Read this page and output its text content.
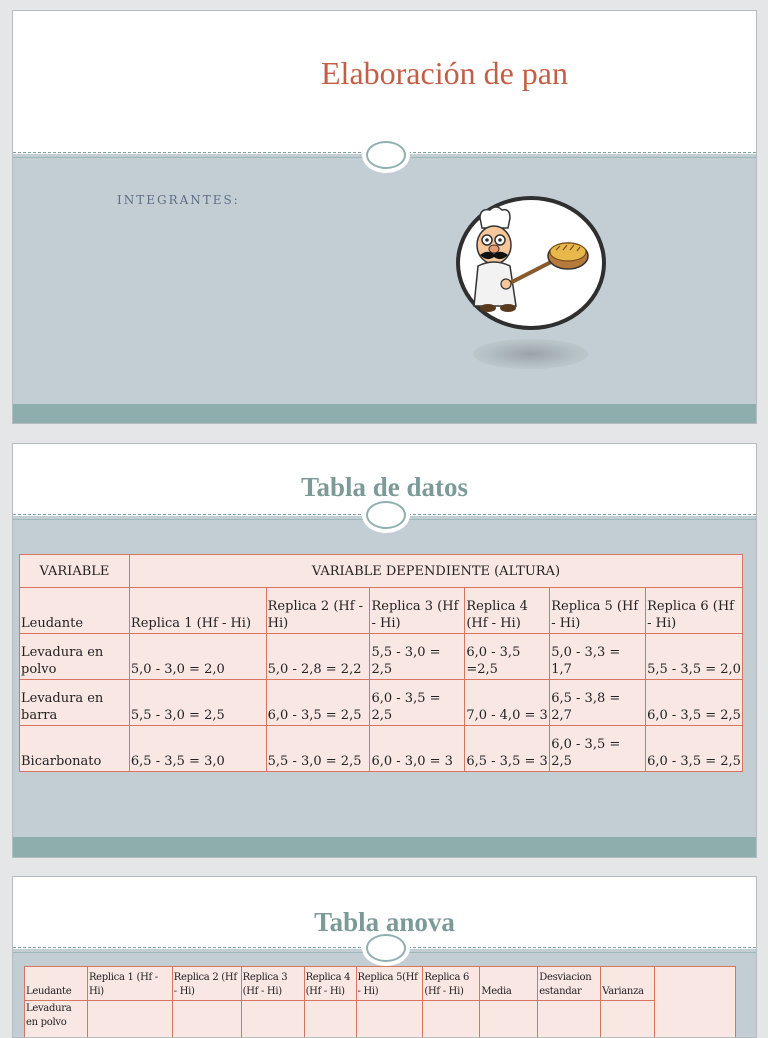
Elaboración de pan
INTEGRANTES:
Tabla de datos
VARIABLE	VARIABLE DEPENDIENTE (ALTURA)					
Leudante	Replica 1 (Hf - Hi)	Replica 2 (Hf - Hi)	Replica 3 (Hf - Hi)	Replica 4 (Hf - Hi)	Replica 5 (Hf - Hi)	Replica 6 (Hf - Hi)
Levadura en polvo	5,0 - 3,0 = 2,0	5,0 - 2,8 = 2,2	5,5 - 3,0 = 2,5	6,0 - 3,5 =2,5	5,0 - 3,3 = 1,7	5,5 - 3,5 = 2,0
Levadura en barra	5,5 - 3,0 = 2,5	6,0 - 3,5 = 2,5	6,0 - 3,5 = 2,5	7,0 - 4,0 = 3	6,5 - 3,8 = 2,7	6,0 - 3,5 = 2,5
Bicarbonato	6,5 - 3,5 = 3,0	5,5 - 3,0 = 2,5	6,0 - 3,0 = 3	6,5 - 3,5 = 3	6,0 - 3,5 = 2,5	6,0 - 3,5 = 2,5
Tabla anova
Leudante	Replica 1 (Hf - Hi)	Replica 2 (Hf - Hi)	Replica 3 (Hf - Hi)	Replica 4 (Hf - Hi)	Replica 5(Hf - Hi)	Replica 6 (Hf - Hi)	Media	Desviacion estandar	Varianza	
Levadura en polvo										
